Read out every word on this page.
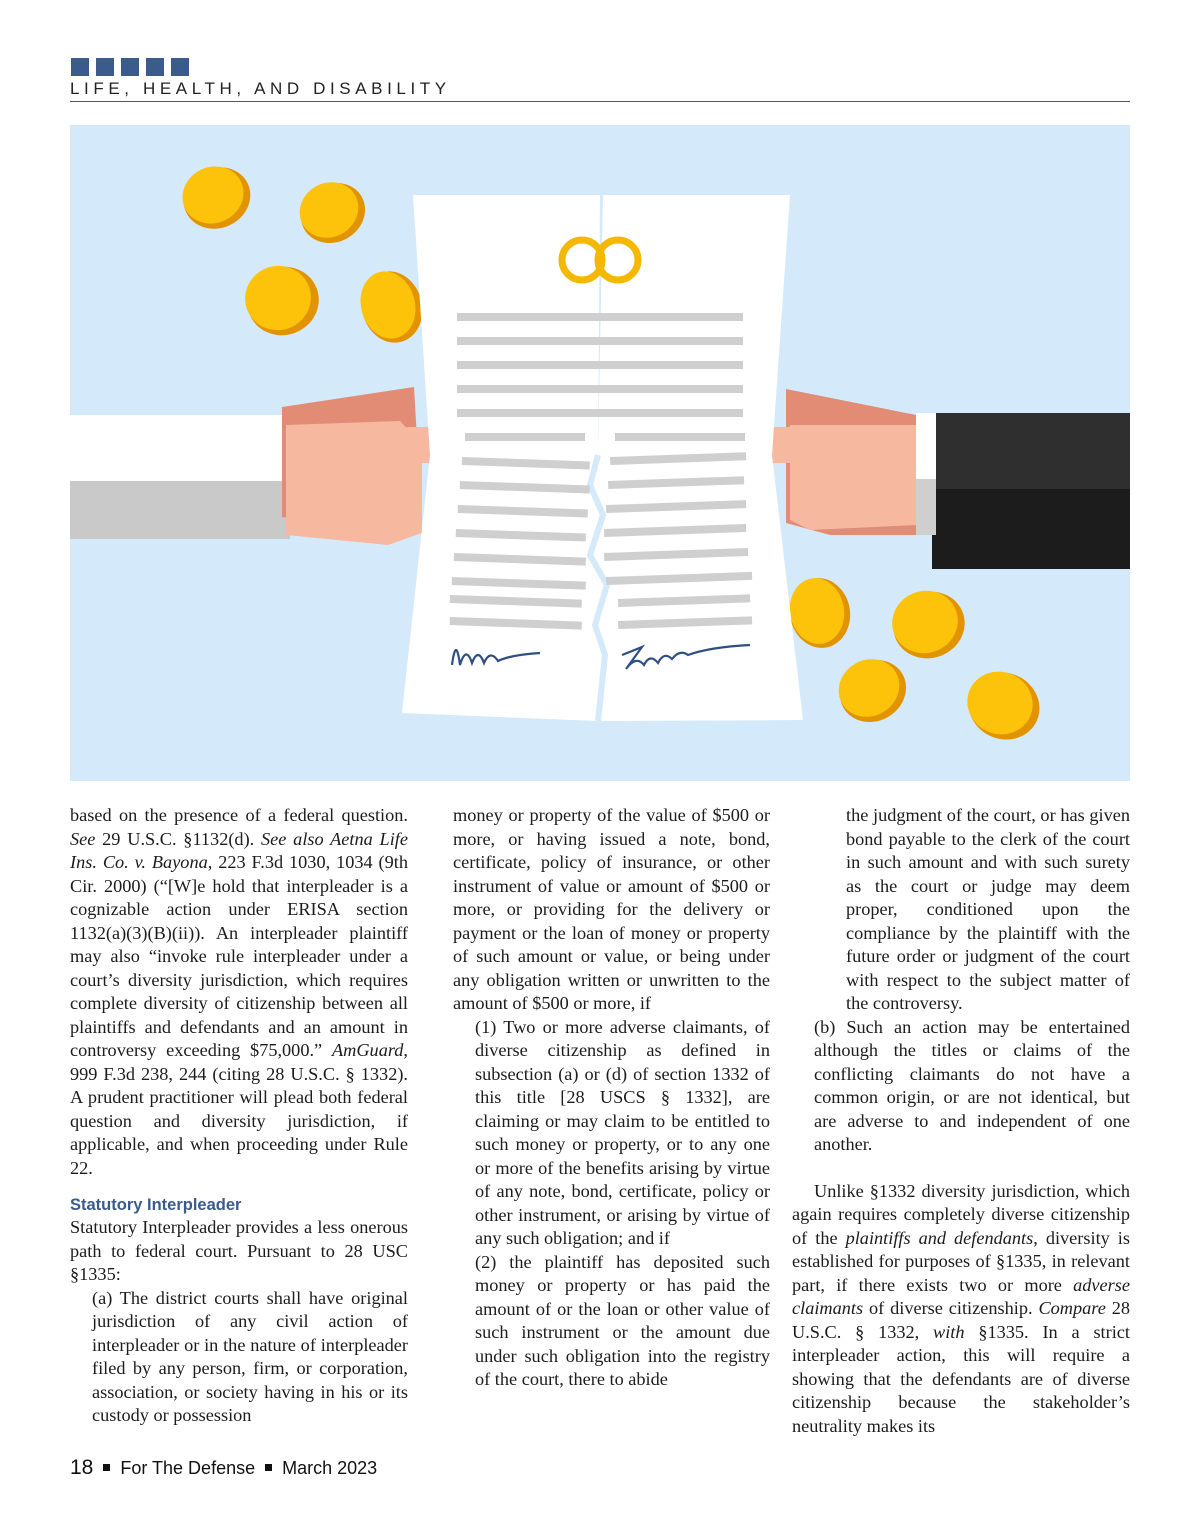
LIFE, HEALTH, AND DISABILITY

based on the presence of a federal question. See 29 U.S.C. §1132(d). See also Aetna Life Ins. Co. v. Bayona, 223 F.3d 1030, 1034 (9th Cir. 2000) (“[W]e hold that interpleader is a cognizable action under ERISA section 1132(a)(3)(B)(ii)). An interpleader plaintiff may also “invoke rule interpleader under a court’s diversity jurisdiction, which requires complete diversity of citizenship between all plaintiffs and defendants and an amount in controversy exceeding $75,000.” AmGuard, 999 F.3d 238, 244 (citing 28 U.S.C. § 1332). A prudent practitioner will plead both federal question and diversity jurisdiction, if applicable, and when proceeding under Rule 22.

Statutory Interpleader

Statutory Interpleader provides a less onerous path to federal court. Pursuant to 28 USC §1335:

(a) The district courts shall have original jurisdiction of any civil action of interpleader or in the nature of interpleader filed by any person, firm, or corporation, association, or society having in his or its custody or possession

money or property of the value of $500 or more, or having issued a note, bond, certificate, policy of insurance, or other instrument of value or amount of $500 or more, or providing for the delivery or payment or the loan of money or property of such amount or value, or being under any obligation written or unwritten to the amount of $500 or more, if

(1) Two or more adverse claimants, of diverse citizenship as defined in subsection (a) or (d) of section 1332 of this title [28 USCS § 1332], are claiming or may claim to be entitled to such money or property, or to any one or more of the benefits arising by virtue of any note, bond, certificate, policy or other instrument, or arising by virtue of any such obligation; and if

(2) the plaintiff has deposited such money or property or has paid the amount of or the loan or other value of such instrument or the amount due under such obligation into the registry of the court, there to abide

the judgment of the court, or has given bond payable to the clerk of the court in such amount and with such surety as the court or judge may deem proper, conditioned upon the compliance by the plaintiff with the future order or judgment of the court with respect to the subject matter of the controversy.

(b) Such an action may be entertained although the titles or claims of the conflicting claimants do not have a common origin, or are not identical, but are adverse to and independent of one another.

Unlike §1332 diversity jurisdiction, which again requires completely diverse citizenship of the plaintiffs and defendants, diversity is established for purposes of §1335, in relevant part, if there exists two or more adverse claimants of diverse citizenship. Compare 28 U.S.C. § 1332, with §1335. In a strict interpleader action, this will require a showing that the defendants are of diverse citizenship because the stakeholder’s neutrality makes its

18 For The Defense March 2023
